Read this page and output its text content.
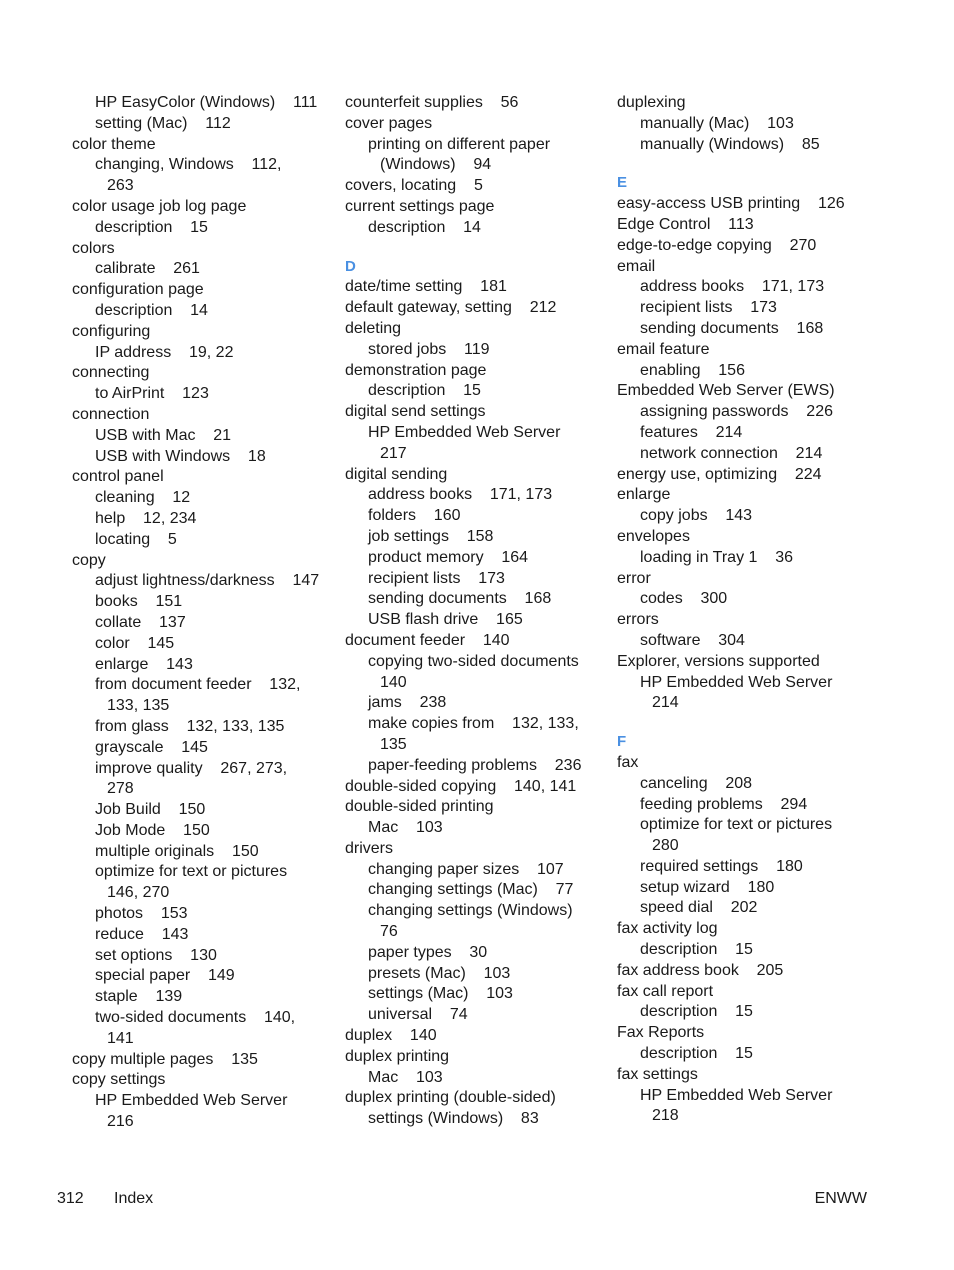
HP EasyColor (Windows)    111
setting (Mac)    112
color theme
changing, Windows    112,
263
color usage job log page
description    15
colors
calibrate    261
configuration page
description    14
configuring
IP address    19, 22
connecting
to AirPrint    123
connection
USB with Mac    21
USB with Windows    18
control panel
cleaning    12
help    12, 234
locating    5
copy
adjust lightness/darkness    147
books    151
collate    137
color    145
enlarge    143
from document feeder    132,
133, 135
from glass    132, 133, 135
grayscale    145
improve quality    267, 273,
278
Job Build    150
Job Mode    150
multiple originals    150
optimize for text or pictures
146, 270
photos    153
reduce    143
set options    130
special paper    149
staple    139
two-sided documents    140,
141
copy multiple pages    135
copy settings
HP Embedded Web Server
216
counterfeit supplies    56
cover pages
printing on different paper
(Windows)    94
covers, locating    5
current settings page
description    14
D
date/time setting    181
default gateway, setting    212
deleting
stored jobs    119
demonstration page
description    15
digital send settings
HP Embedded Web Server
217
digital sending
address books    171, 173
folders    160
job settings    158
product memory    164
recipient lists    173
sending documents    168
USB flash drive    165
document feeder    140
copying two-sided documents
140
jams    238
make copies from    132, 133,
135
paper-feeding problems    236
double-sided copying    140, 141
double-sided printing
Mac    103
drivers
changing paper sizes    107
changing settings (Mac)    77
changing settings (Windows)
76
paper types    30
presets (Mac)    103
settings (Mac)    103
universal    74
duplex    140
duplex printing
Mac    103
duplex printing (double-sided)
settings (Windows)    83
duplexing
manually (Mac)    103
manually (Windows)    85
E
easy-access USB printing    126
Edge Control    113
edge-to-edge copying    270
email
address books    171, 173
recipient lists    173
sending documents    168
email feature
enabling    156
Embedded Web Server (EWS)
assigning passwords    226
features    214
network connection    214
energy use, optimizing    224
enlarge
copy jobs    143
envelopes
loading in Tray 1    36
error
codes    300
errors
software    304
Explorer, versions supported
HP Embedded Web Server
214
F
fax
canceling    208
feeding problems    294
optimize for text or pictures
280
required settings    180
setup wizard    180
speed dial    202
fax activity log
description    15
fax address book    205
fax call report
description    15
Fax Reports
description    15
fax settings
HP Embedded Web Server
218
312 Index	ENWW
